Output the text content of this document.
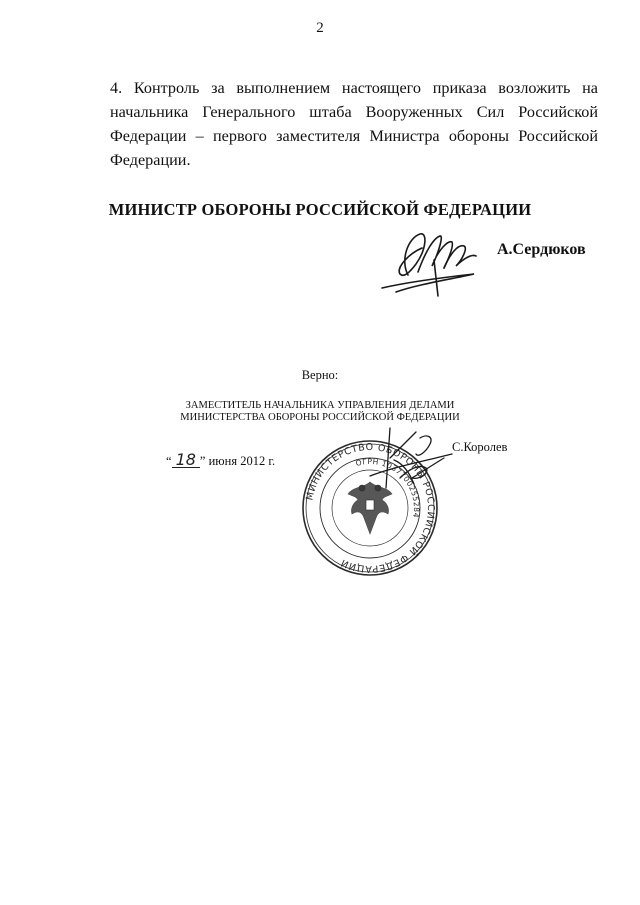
2
4. Контроль за выполнением настоящего приказа возложить на начальника Генерального штаба Вооруженных Сил Российской Федерации – первого заместителя Министра обороны Российской Федерации.
МИНИСТР ОБОРОНЫ РОССИЙСКОЙ ФЕДЕРАЦИИ
А.Сердюков
Верно:
ЗАМЕСТИТЕЛЬ НАЧАЛЬНИКА УПРАВЛЕНИЯ ДЕЛАМИ
МИНИСТЕРСТВА ОБОРОНЫ РОССИЙСКОЙ ФЕДЕРАЦИИ
“ 18 ” июня 2012 г.
МИНИСТЕРСТВО ОБОРОНЫ РОССИЙСКОЙ ФЕДЕРАЦИИ
ОГРН 1037700255284
С.Королев
